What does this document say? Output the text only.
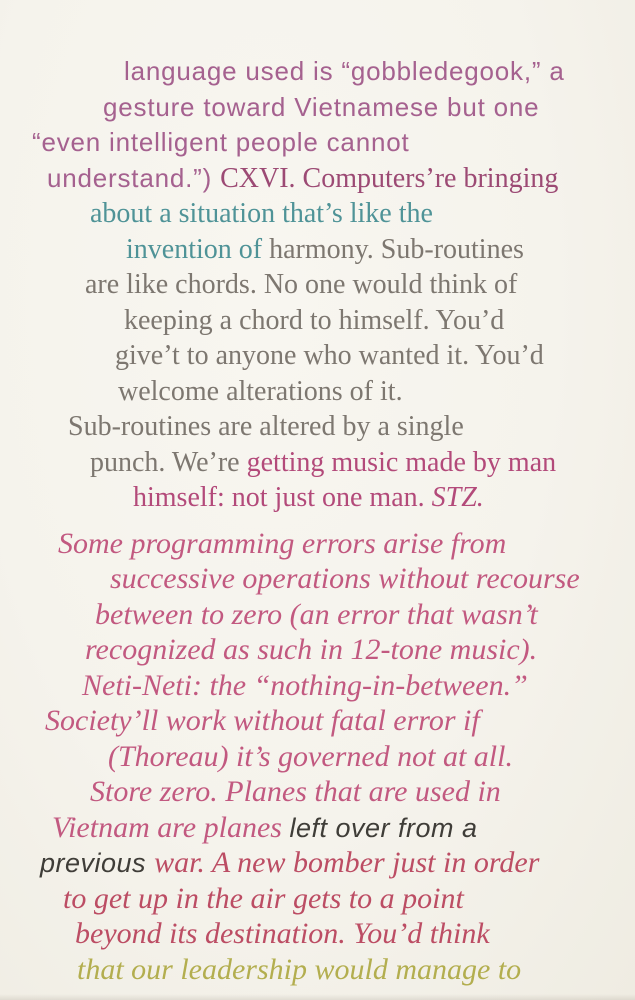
language used is “gobbledegook,” a
gesture toward Vietnamese but one
“even intelligent people cannot
understand.”) CXVI. Computers’re bringing
about a situation that’s like the
invention of harmony. Sub-routines
are like chords. No one would think of
keeping a chord to himself. You’d
give’t to anyone who wanted it. You’d
welcome alterations of it.
Sub-routines are altered by a single
punch. We’re getting music made by man
himself: not just one man. STZ.
Some programming errors arise from
successive operations without recourse
between to zero (an error that wasn’t
recognized as such in 12-tone music).
Neti-Neti: the “nothing-in-between.”
Society’ll work without fatal error if
(Thoreau) it’s governed not at all.
Store zero. Planes that are used in
Vietnam are planes left over from a
previous war. A new bomber just in order
to get up in the air gets to a point
beyond its destination. You’d think
that our leadership would manage to
